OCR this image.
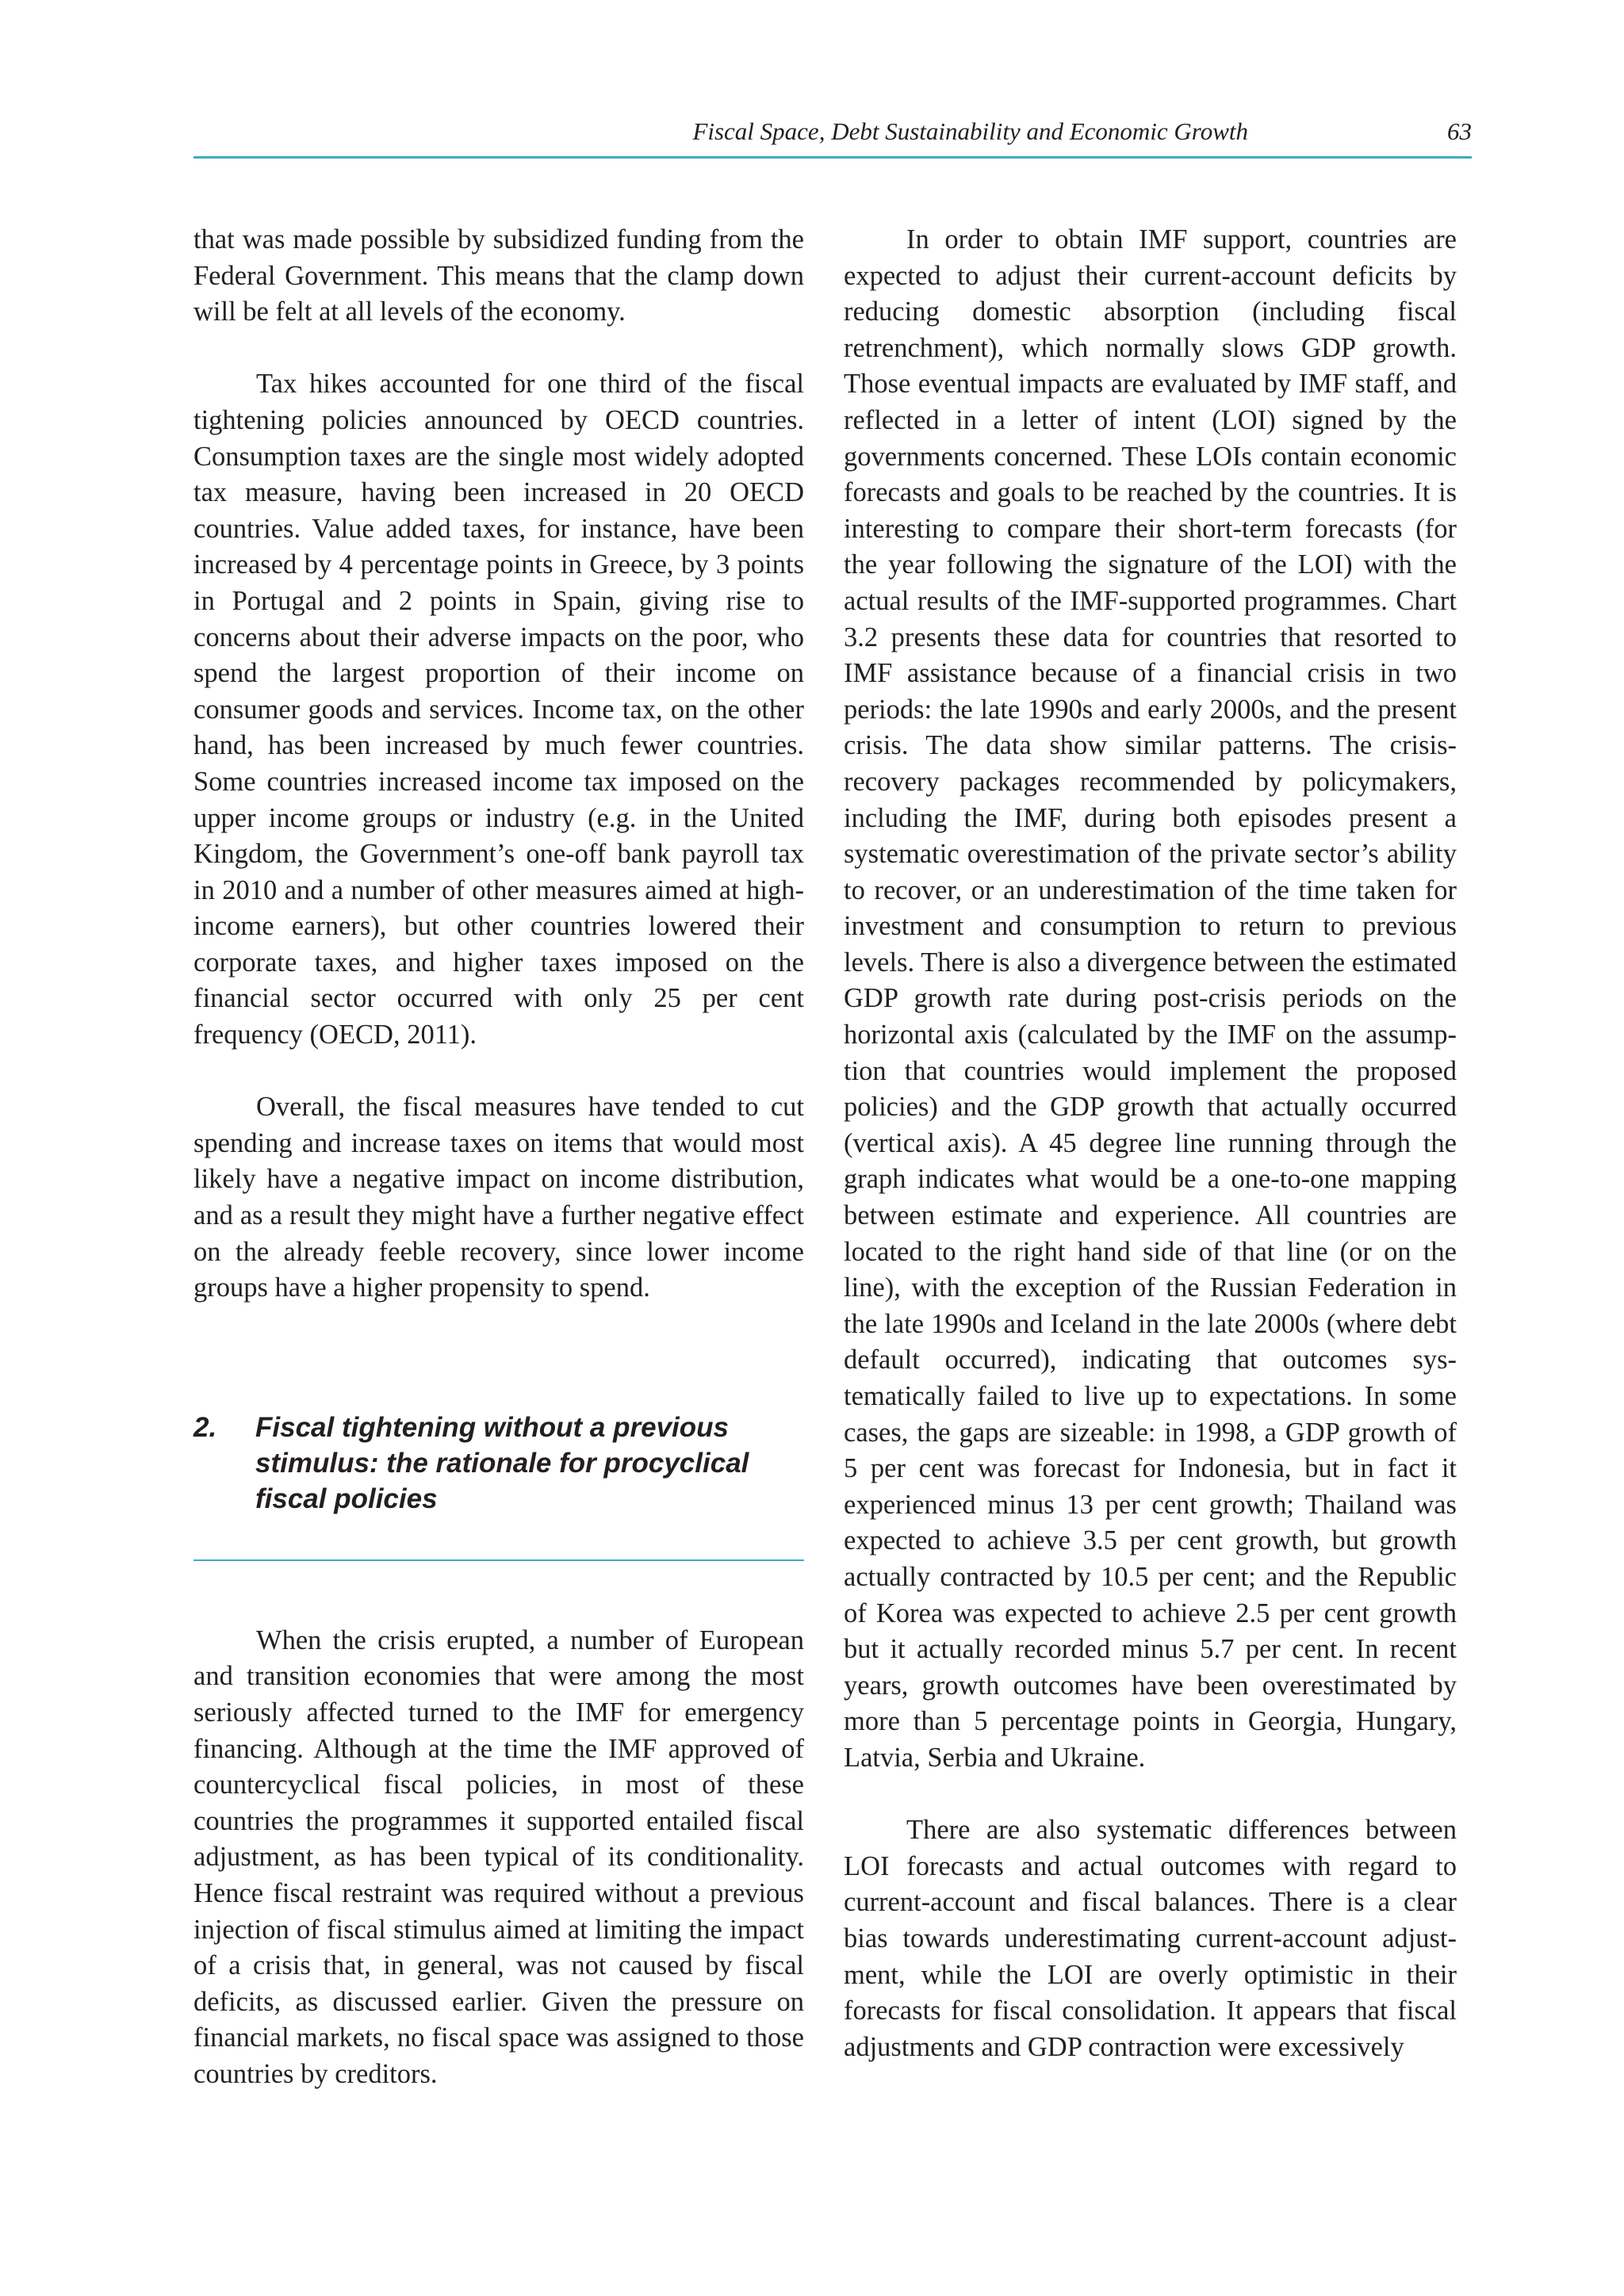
Fiscal Space, Debt Sustainability and Economic Growth	63

that was made possible by subsidized funding from the Federal Government. This means that the clamp down will be felt at all levels of the economy.

Tax hikes accounted for one third of the fiscal tightening policies announced by OECD countries. Consumption taxes are the single most widely adopted tax measure, having been increased in 20 OECD countries. Value added taxes, for instance, have been increased by 4 percentage points in Greece, by 3 points in Portugal and 2 points in Spain, giving rise to concerns about their adverse impacts on the poor, who spend the largest proportion of their income on consumer goods and services. Income tax, on the other hand, has been increased by much fewer countries. Some countries increased income tax imposed on the upper income groups or industry (e.g. in the United Kingdom, the Government’s one-off bank payroll tax in 2010 and a number of other measures aimed at high-income earners), but other countries lowered their corporate taxes, and higher taxes imposed on the financial sector occurred with only 25 per cent frequency (OECD, 2011).

Overall, the fiscal measures have tended to cut spending and increase taxes on items that would most likely have a negative impact on income distribution, and as a result they might have a further negative effect on the already feeble recovery, since lower income groups have a higher propensity to spend.

2.	Fiscal tightening without a previous stimulus: the rationale for procyclical fiscal policies

When the crisis erupted, a number of European and transition economies that were among the most seriously affected turned to the IMF for emergency financing. Although at the time the IMF approved of countercyclical fiscal policies, in most of these countries the programmes it supported entailed fiscal adjustment, as has been typical of its conditionality. Hence fiscal restraint was required without a previous injection of fiscal stimulus aimed at limiting the impact of a crisis that, in general, was not caused by fiscal deficits, as discussed earlier. Given the pressure on financial markets, no fiscal space was assigned to those countries by creditors.

In order to obtain IMF support, countries are expected to adjust their current-account deficits by reducing domestic absorption (including fiscal retrenchment), which normally slows GDP growth. Those eventual impacts are evaluated by IMF staff, and reflected in a letter of intent (LOI) signed by the governments concerned. These LOIs contain economic forecasts and goals to be reached by the countries. It is interesting to compare their short-term forecasts (for the year following the signature of the LOI) with the actual results of the IMF-supported programmes. Chart 3.2 presents these data for countries that resorted to IMF assistance because of a financial crisis in two periods: the late 1990s and early 2000s, and the present crisis. The data show similar patterns. The crisis-recovery packages recommended by policymakers, including the IMF, during both episodes present a systematic overestimation of the private sector’s ability to recover, or an underestimation of the time taken for investment and consumption to return to previous levels. There is also a divergence between the estimated GDP growth rate during post-crisis periods on the horizontal axis (calculated by the IMF on the assumption that countries would implement the proposed policies) and the GDP growth that actually occurred (vertical axis). A 45 degree line running through the graph indicates what would be a one-to-one mapping between estimate and experience. All countries are located to the right hand side of that line (or on the line), with the exception of the Russian Federation in the late 1990s and Iceland in the late 2000s (where debt default occurred), indicating that outcomes systematically failed to live up to expectations. In some cases, the gaps are sizeable: in 1998, a GDP growth of 5 per cent was forecast for Indonesia, but in fact it experienced minus 13 per cent growth; Thailand was expected to achieve 3.5 per cent growth, but growth actually contracted by 10.5 per cent; and the Republic of Korea was expected to achieve 2.5 per cent growth but it actually recorded minus 5.7 per cent. In recent years, growth outcomes have been overestimated by more than 5 percentage points in Georgia, Hungary, Latvia, Serbia and Ukraine.

There are also systematic differences between LOI forecasts and actual outcomes with regard to current-account and fiscal balances. There is a clear bias towards underestimating current-account adjustment, while the LOI are overly optimistic in their forecasts for fiscal consolidation. It appears that fiscal adjustments and GDP contraction were excessively
